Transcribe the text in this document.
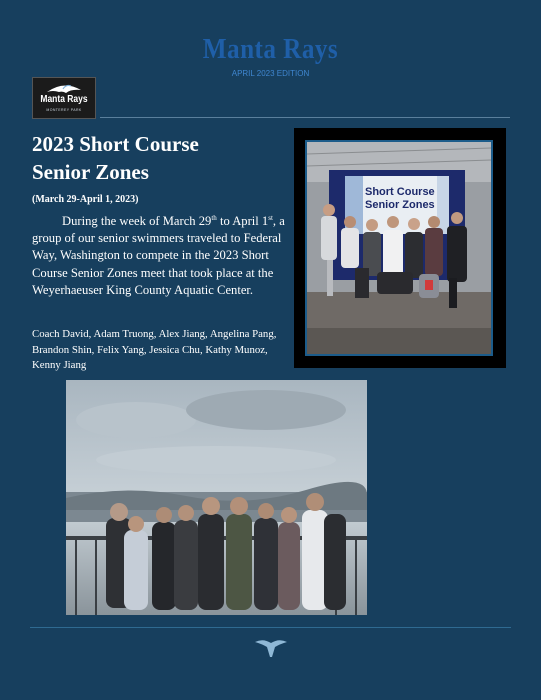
Manta Rays
APRIL 2023 EDITION
Manta Rays
MONTEREY PARK
2023 Short Course
Senior Zones
(March 29-April 1, 2023)
During the week of March 29th to April 1st, a group of our senior swimmers traveled to Federal Way, Washington to compete in the 2023 Short Course Senior Zones meet that took place at the Weyerhaeuser King County Aquatic Center.
Coach David, Adam Truong, Alex Jiang, Angelina Pang, Brandon Shin, Felix Yang, Jessica Chu, Kathy Munoz, Kenny Jiang
Short Course
Senior Zones
